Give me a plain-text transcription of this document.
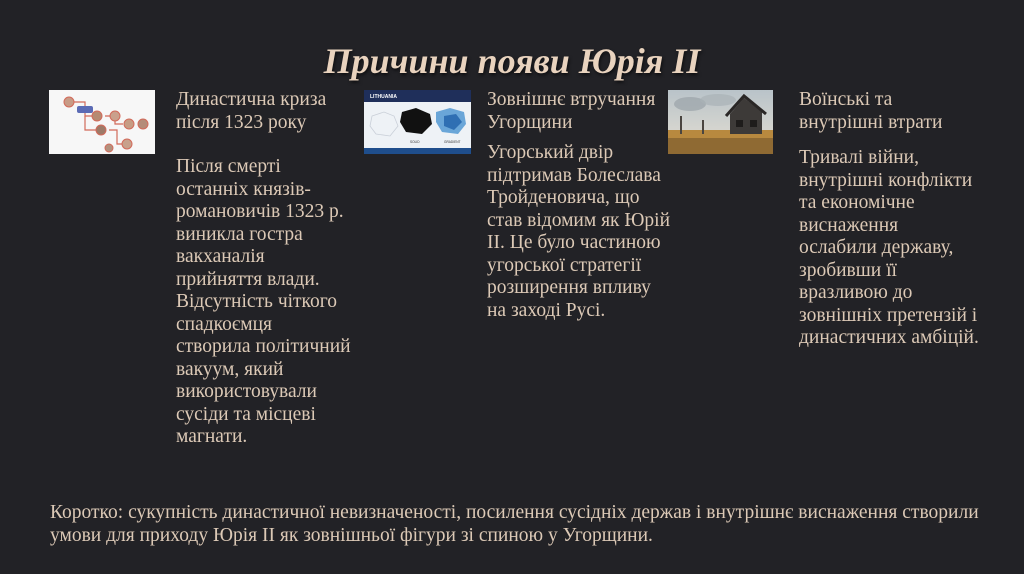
Причини появи Юрія II
LITHUANIA
SOLID	GRADIENT

Династична криза після 1323 року

Після смерті останніх князів-романовичів 1323 р. виникла гостра вакханалія прийняття влади. Відсутність чіткого спадкоємця створила політичний вакуум, який використовували сусіди та місцеві магнати.

Зовнішнє втручання Угорщини

Угорський двір підтримав Болеслава Тройденовича, що став відомим як Юрій II. Це було частиною угорської стратегії розширення впливу на заході Русі.

Воїнські та внутрішні втрати

Тривалі війни, внутрішні конфлікти та економічне виснаження ослабили державу, зробивши її вразливою до зовнішніх претензій і династичних амбіцій.

Коротко: сукупність династичної невизначеності, посилення сусідніх держав і внутрішнє виснаження створили умови для приходу Юрія II як зовнішньої фігури зі спиною у Угорщини.
